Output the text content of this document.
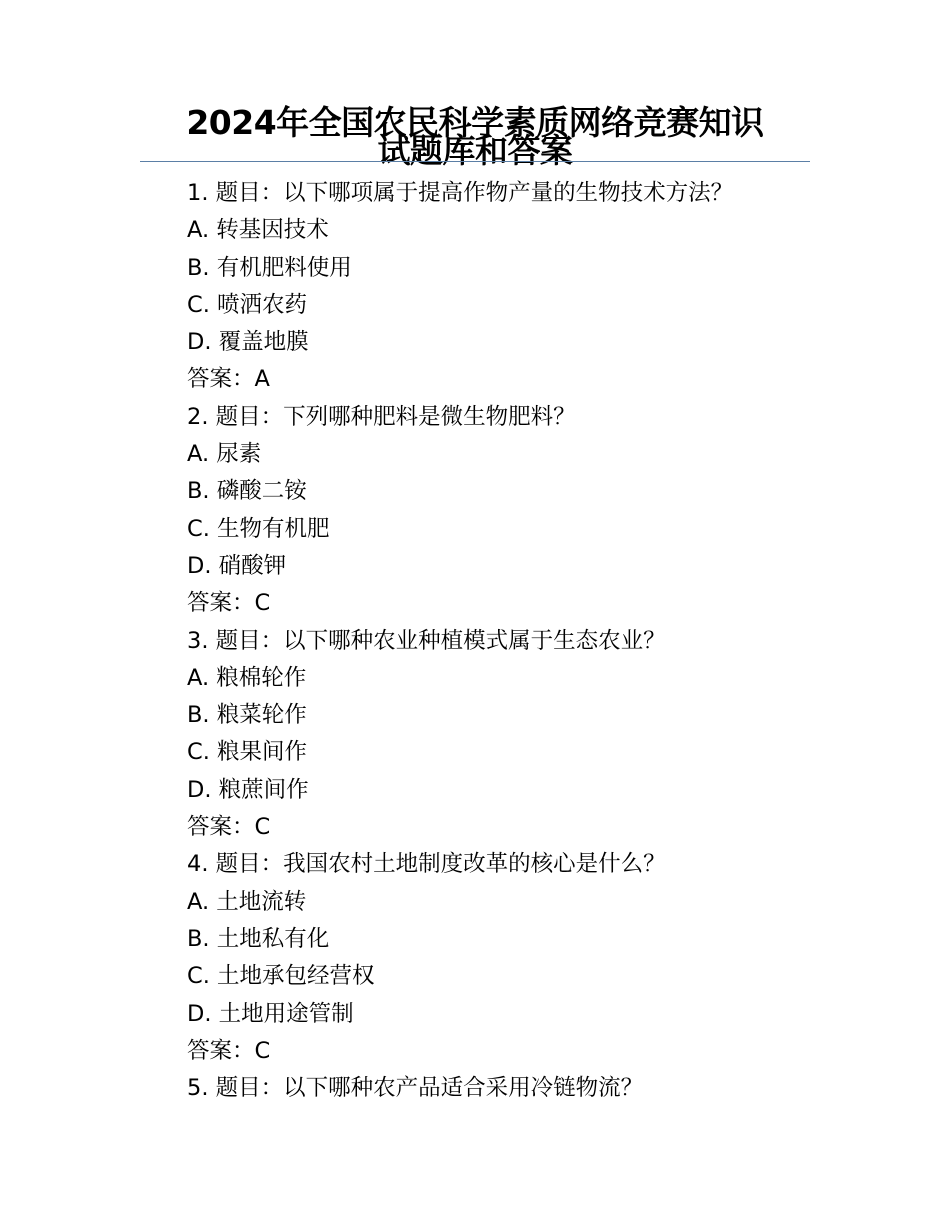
2024年全国农民科学素质网络竞赛知识
试题库和答案
1. 题目：以下哪项属于提高作物产量的生物技术方法？
A. 转基因技术
B. 有机肥料使用
C. 喷洒农药
D. 覆盖地膜
答案：A
2. 题目：下列哪种肥料是微生物肥料？
A. 尿素
B. 磷酸二铵
C. 生物有机肥
D. 硝酸钾
答案：C
3. 题目：以下哪种农业种植模式属于生态农业？
A. 粮棉轮作
B. 粮菜轮作
C. 粮果间作
D. 粮蔗间作
答案：C
4. 题目：我国农村土地制度改革的核心是什么？
A. 土地流转
B. 土地私有化
C. 土地承包经营权
D. 土地用途管制
答案：C
5. 题目：以下哪种农产品适合采用冷链物流？
